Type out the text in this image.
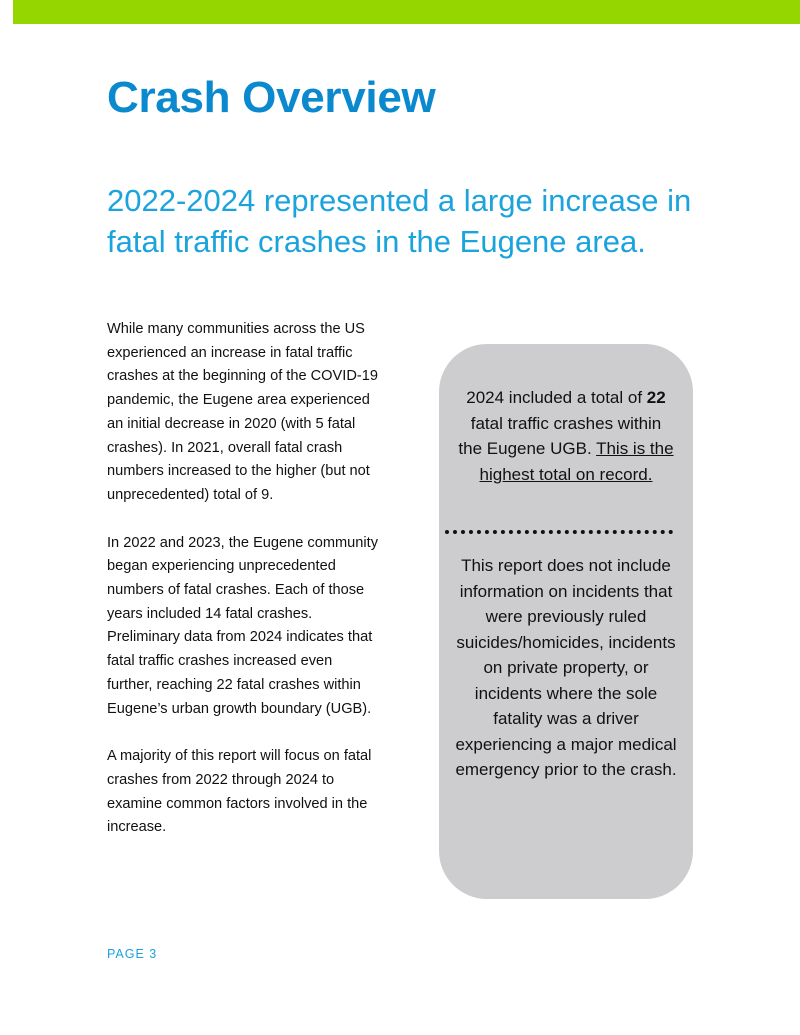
Crash Overview
2022-2024 represented a large increase in fatal traffic crashes in the Eugene area.

While many communities across the US experienced an increase in fatal traffic crashes at the beginning of the COVID-19 pandemic, the Eugene area experienced an initial decrease in 2020 (with 5 fatal crashes). In 2021, overall fatal crash numbers increased to the higher (but not unprecedented) total of 9.

In 2022 and 2023, the Eugene community began experiencing unprecedented numbers of fatal crashes. Each of those years included 14 fatal crashes. Preliminary data from 2024 indicates that fatal traffic crashes increased even further, reaching 22 fatal crashes within Eugene’s urban growth boundary (UGB).

A majority of this report will focus on fatal crashes from 2022 through 2024 to examine common factors involved in the increase.

2024 included a total of 22 fatal traffic crashes within the Eugene UGB. This is the highest total on record.
This report does not include information on incidents that were previously ruled suicides/homicides, incidents on private property, or incidents where the sole fatality was a driver experiencing a major medical emergency prior to the crash.
PAGE 3
